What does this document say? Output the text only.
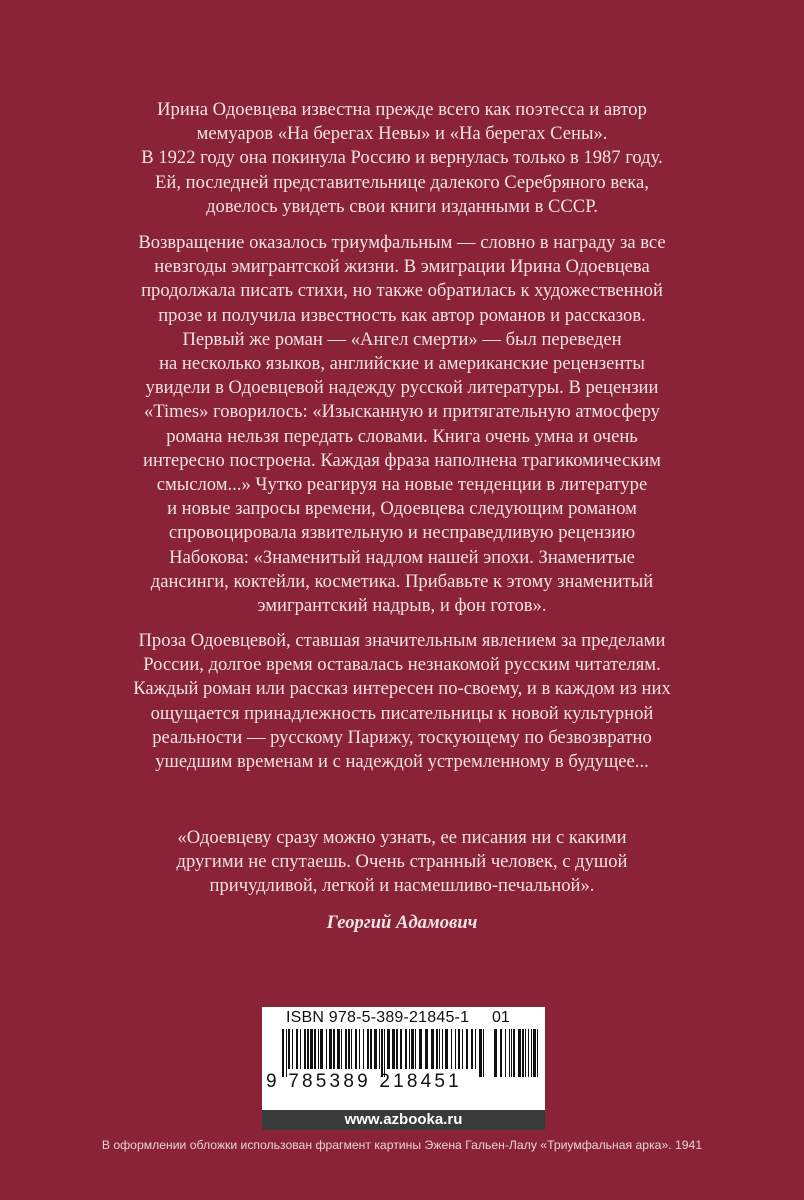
Ирина Одоевцева известна прежде всего как поэтесса и автор
мемуаров «На берегах Невы» и «На берегах Сены».
В 1922 году она покинула Россию и вернулась только в 1987 году.
Ей, последней представительнице далекого Серебряного века,
довелось увидеть свои книги изданными в СССР.
Возвращение оказалось триумфальным — словно в награду за все
невзгоды эмигрантской жизни. В эмиграции Ирина Одоевцева
продолжала писать стихи, но также обратилась к художественной
прозе и получила известность как автор романов и рассказов.
Первый же роман — «Ангел смерти» — был переведен
на несколько языков, английские и американские рецензенты
увидели в Одоевцевой надежду русской литературы. В рецензии
«Times» говорилось: «Изысканную и притягательную атмосферу
романа нельзя передать словами. Книга очень умна и очень
интересно построена. Каждая фраза наполнена трагикомическим
смыслом...» Чутко реагируя на новые тенденции в литературе
и новые запросы времени, Одоевцева следующим романом
спровоцировала язвительную и несправедливую рецензию
Набокова: «Знаменитый надлом нашей эпохи. Знаменитые
дансинги, коктейли, косметика. Прибавьте к этому знаменитый
эмигрантский надрыв, и фон готов».
Проза Одоевцевой, ставшая значительным явлением за пределами
России, долгое время оставалась незнакомой русским читателям.
Каждый роман или рассказ интересен по-своему, и в каждом из них
ощущается принадлежность писательницы к новой культурной
реальности — русскому Парижу, тоскующему по безвозвратно
ушедшим временам и с надеждой устремленному в будущее...
«Одоевцеву сразу можно узнать, ее писания ни с какими
другими не спутаешь. Очень странный человек, с душой
причудливой, легкой и насмешливо-печальной».
Георгий Адамович
ISBN 978-5-389-21845-1 01
9 785389 218451
www.azbooka.ru
В оформлении обложки использован фрагмент картины Эжена Гальен-Лалу «Триумфальная арка». 1941
